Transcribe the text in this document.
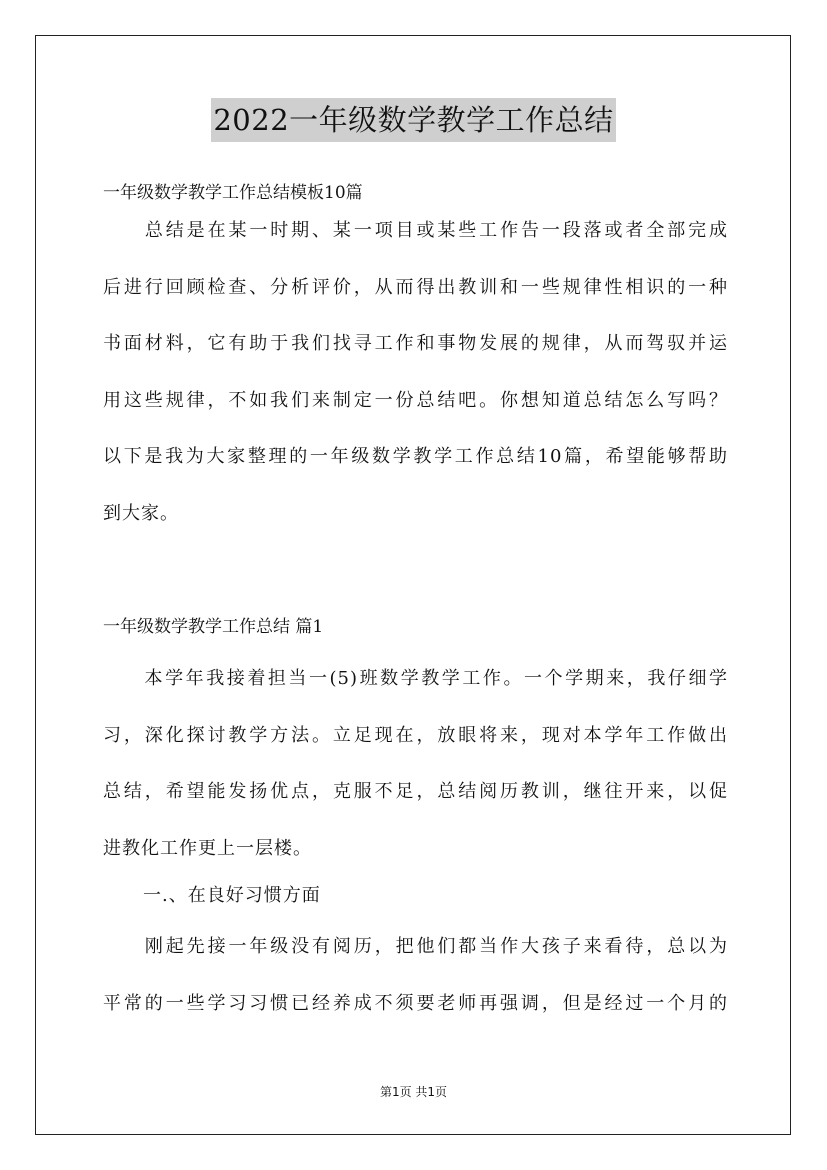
2022一年级数学教学工作总结
一年级数学教学工作总结模板10篇
总结是在某一时期、某一项目或某些工作告一段落或者全部完成
后进行回顾检查、分析评价，从而得出教训和一些规律性相识的一种
书面材料，它有助于我们找寻工作和事物发展的规律，从而驾驭并运
用这些规律，不如我们来制定一份总结吧。你想知道总结怎么写吗？
以下是我为大家整理的一年级数学教学工作总结10篇，希望能够帮助
到大家。
一年级数学教学工作总结 篇1
本学年我接着担当一(5)班数学教学工作。一个学期来，我仔细学
习，深化探讨教学方法。立足现在，放眼将来，现对本学年工作做出
总结，希望能发扬优点，克服不足，总结阅历教训，继往开来，以促
进教化工作更上一层楼。
一.、在良好习惯方面
刚起先接一年级没有阅历，把他们都当作大孩子来看待，总以为
平常的一些学习习惯已经养成不须要老师再强调，但是经过一个月的
第1页 共1页
